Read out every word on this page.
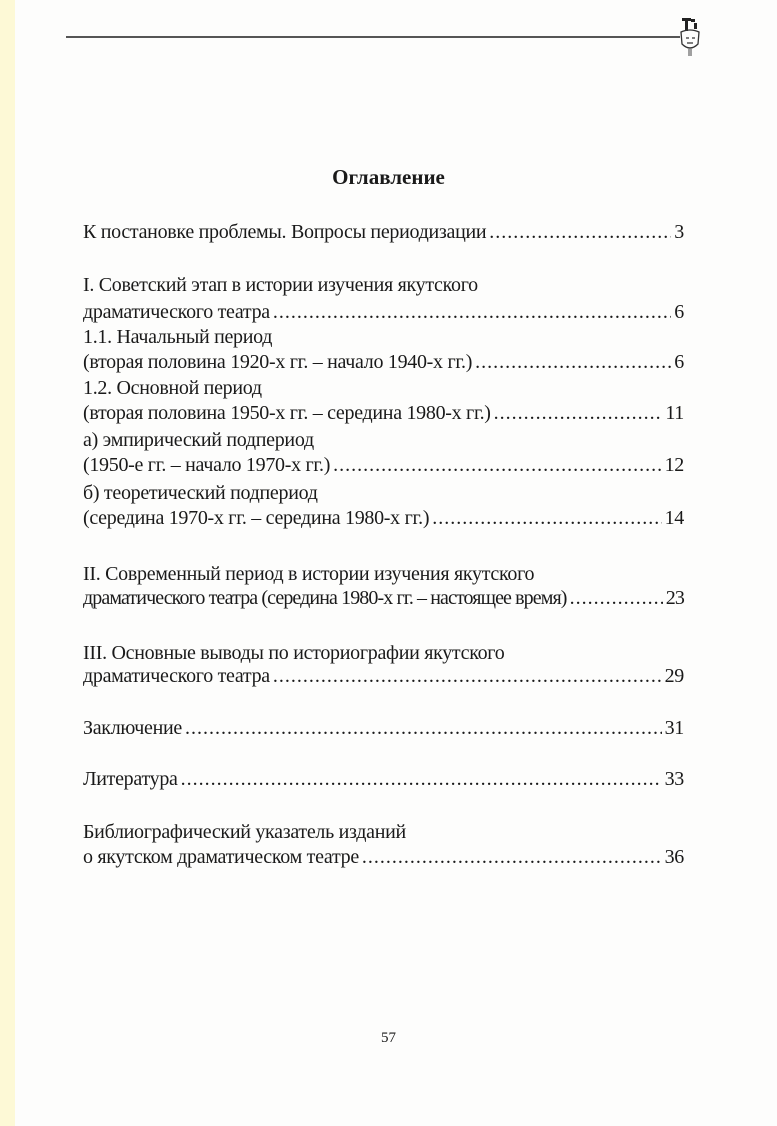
Оглавление
К постановке проблемы. Вопросы периодизации .....	3
I. Советский этап в истории изучения якутского
драматического театра .....	6
1.1. Начальный период
(вторая половина 1920-х гг. – начало 1940-х гг.) .....	6
1.2. Основной период
(вторая половина 1950-х гг. – середина 1980-х гг.) .....	11
а) эмпирический подпериод
(1950-е гг. – начало 1970-х гг.) .....	12
б) теоретический подпериод
(середина 1970-х гг. – середина 1980-х гг.) .....	14
II. Современный период в истории изучения якутского
драматического театра (середина 1980-х гг. – настоящее время) .....	23
III. Основные выводы по историографии якутского
драматического театра .....	29
Заключение .....	31
Литература .....	33
Библиографический указатель изданий
о якутском драматическом театре .....	36
57
